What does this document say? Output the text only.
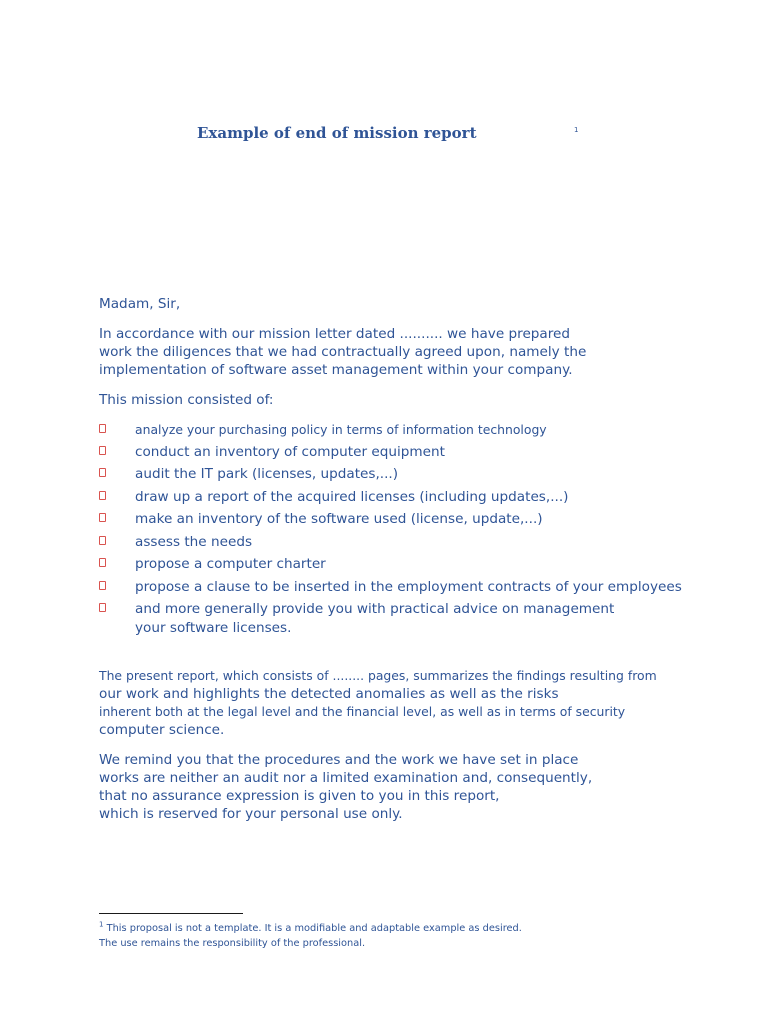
Example of end of mission report	1

Madam, Sir,

In accordance with our mission letter dated .......... we have prepared
work the diligences that we had contractually agreed upon, namely the
implementation of software asset management within your company.

This mission consisted of:

analyze your purchasing policy in terms of information technology
conduct an inventory of computer equipment
audit the IT park (licenses, updates,...)
draw up a report of the acquired licenses (including updates,...)
make an inventory of the software used (license, update,...)
assess the needs
propose a computer charter
propose a clause to be inserted in the employment contracts of your employees
and more generally provide you with practical advice on management
your software licenses.

The present report, which consists of ........ pages, summarizes the findings resulting from
our work and highlights the detected anomalies as well as the risks
inherent both at the legal level and the financial level, as well as in terms of security
computer science.

We remind you that the procedures and the work we have set in place
works are neither an audit nor a limited examination and, consequently,
that no assurance expression is given to you in this report,
which is reserved for your personal use only.

$^1$ This proposal is not a template. It is a modifiable and adaptable example as desired.
The use remains the responsibility of the professional.
